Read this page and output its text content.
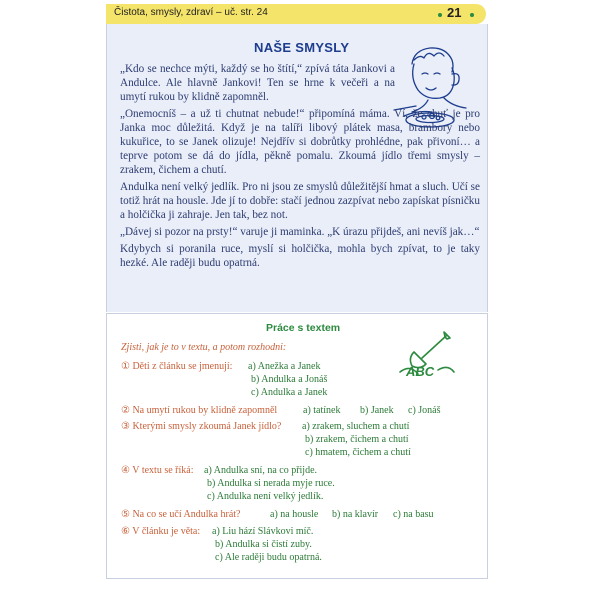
Čistota, smysly, zdraví – uč. str. 24	21
NAŠE SMYSLY

„Kdo se nechce mýti, každý se ho štítí,“ zpívá táta Jankovi a Andulce. Ale hlavně Jankovi! Ten se hrne k večeři a na umytí rukou by klidně zapomněl.

„Onemocníš – a už ti chutnat nebude!“ připomíná máma. Ví, že chuť je pro Janka moc důležitá. Když je na talíři libový plátek masa, brambory nebo kukuřice, to se Janek olizuje! Nejdřív si dobrůtky prohlédne, pak přivoní… a teprve potom se dá do jídla, pěkně pomalu. Zkoumá jídlo třemi smysly – zrakem, čichem a chutí.

Andulka není velký jedlík. Pro ni jsou ze smyslů důležitější hmat a sluch. Učí se totiž hrát na housle. Jde jí to dobře: stačí jednou zazpívat nebo zapískat písničku a holčička ji zahraje. Jen tak, bez not.

„Dávej si pozor na prsty!“ varuje ji maminka. „K úrazu přijdeš, ani nevíš jak…“

Kdybych si poranila ruce, myslí si holčička, mohla bych zpívat, to je taky hezké. Ale raději budu opatrná.

Práce s textem
Zjisti, jak je to v textu, a potom rozhodni:
ABC
① Děti z článku se jmenují: a) Anežka a Janek
b) Andulka a Jonáš
c) Andulka a Janek
② Na umytí rukou by klidně zapomněl	a) tatínek b) Janek c) Jonáš
③ Kterými smysly zkoumá Janek jídlo? a) zrakem, sluchem a chutí
b) zrakem, čichem a chutí
c) hmatem, čichem a chutí
④ V textu se říká: a) Andulka sní, na co přijde.
b) Andulka si nerada myje ruce.
c) Andulka není velký jedlík.
⑤ Na co se učí Andulka hrát?	a) na housle b) na klavír c) na basu
⑥ V článku je věta: a) Liu hází Slávkovi míč.
b) Andulka si čistí zuby.
c) Ale raději budu opatrná.
